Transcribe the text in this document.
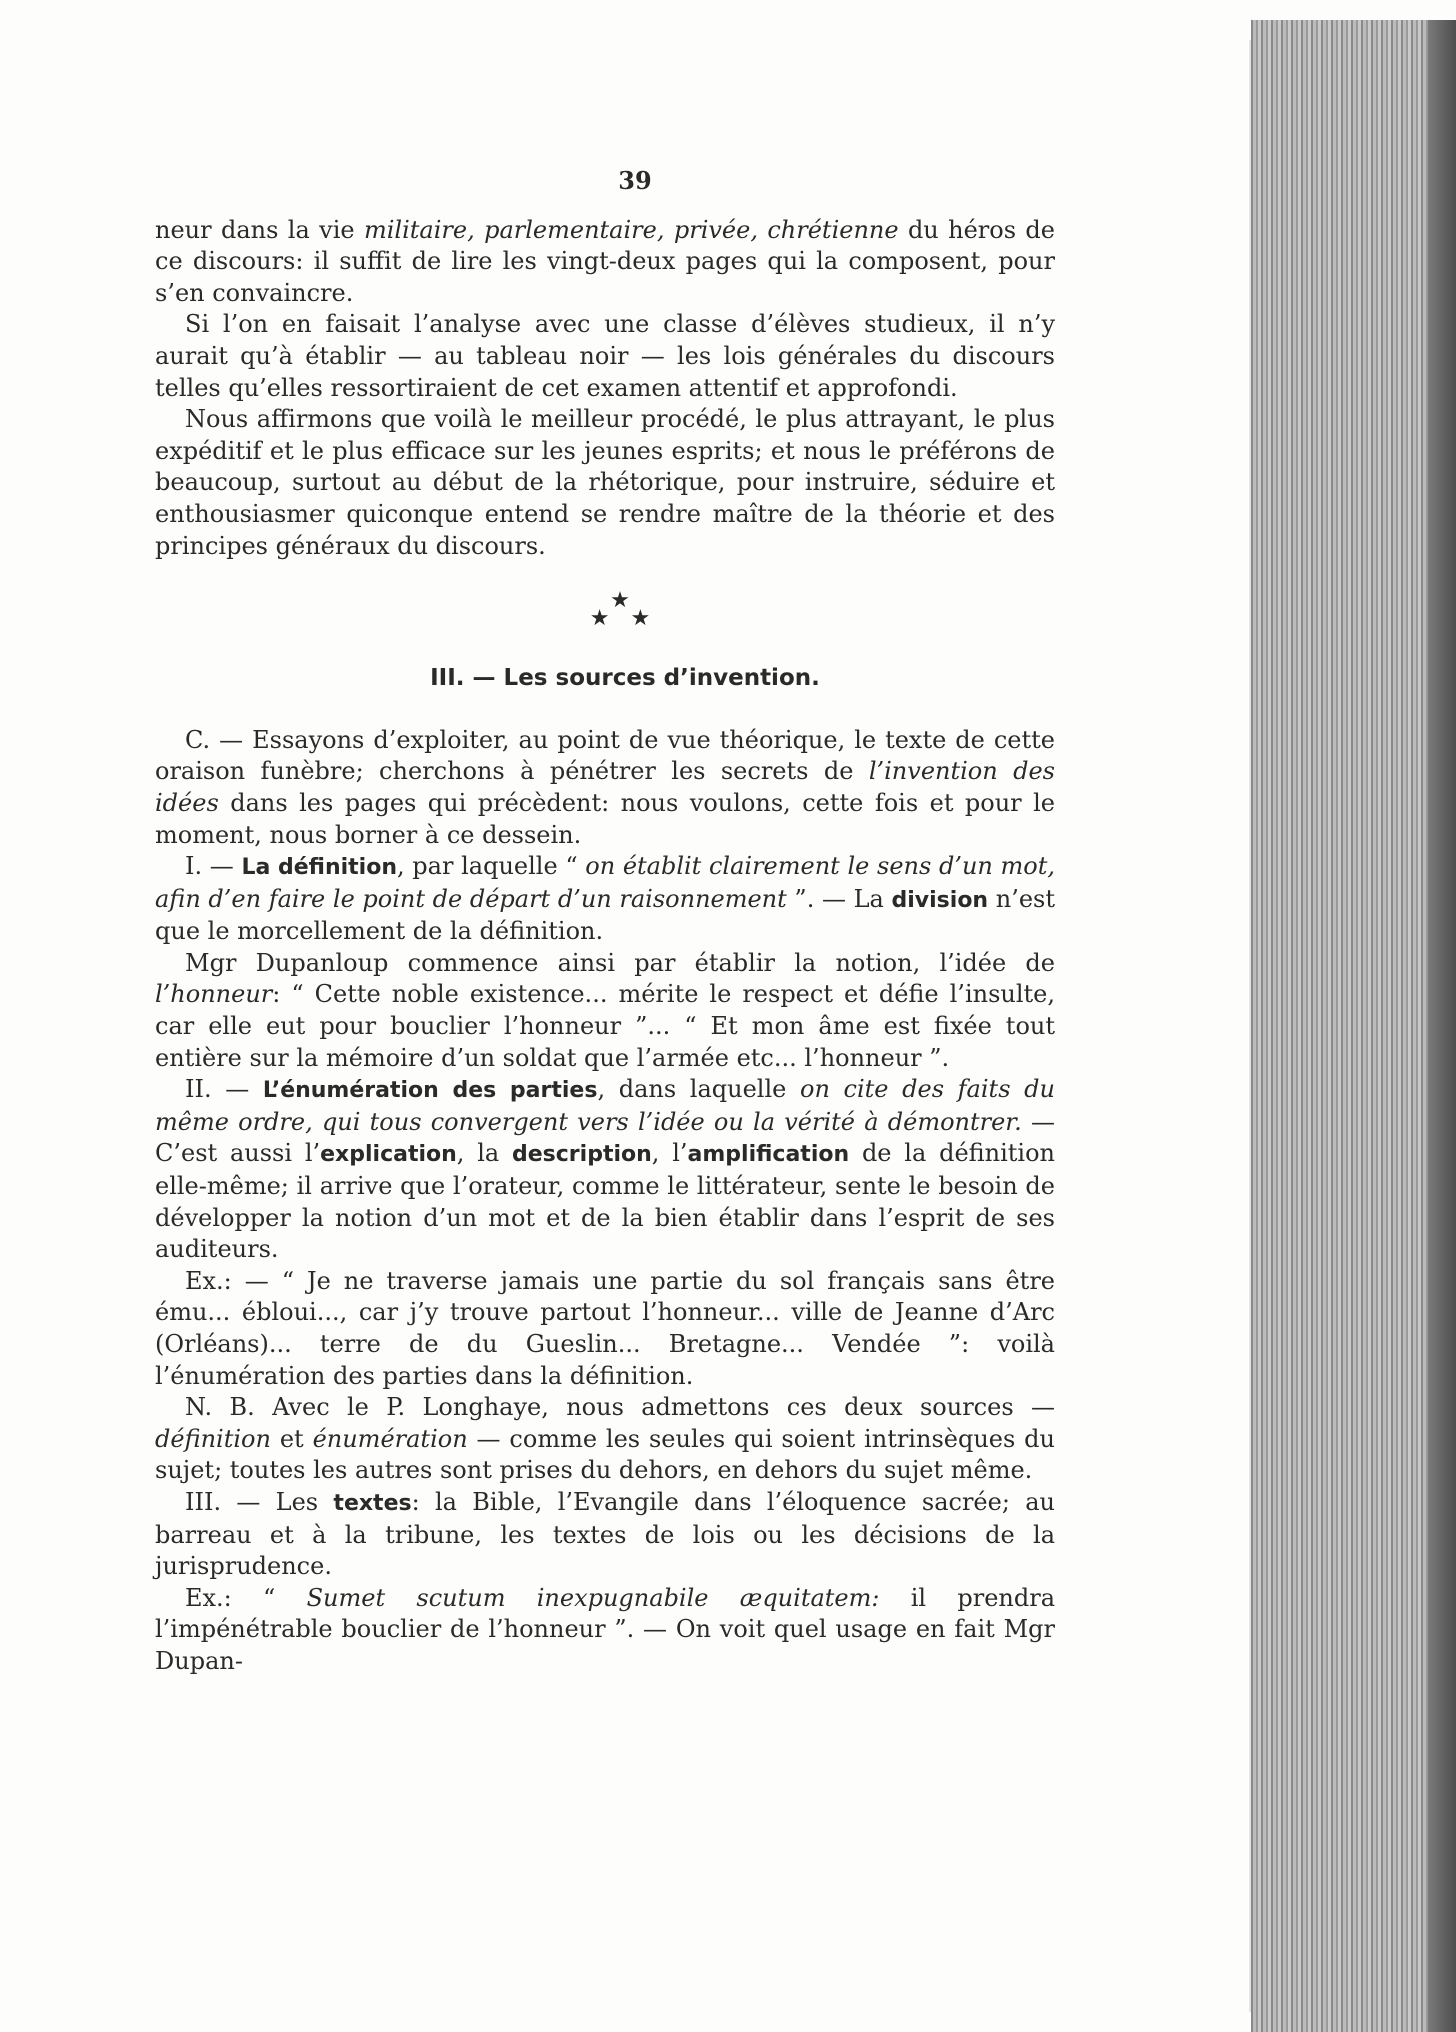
39

neur dans la vie militaire, parlementaire, privée, chrétienne du héros de ce discours: il suffit de lire les vingt-deux pages qui la composent, pour s’en convaincre.

Si l’on en faisait l’analyse avec une classe d’élèves studieux, il n’y aurait qu’à établir — au tableau noir — les lois générales du discours telles qu’elles ressortiraient de cet examen attentif et approfondi.

Nous affirmons que voilà le meilleur procédé, le plus attrayant, le plus expéditif et le plus efficace sur les jeunes esprits; et nous le préférons de beaucoup, surtout au début de la rhétorique, pour instruire, séduire et enthousiasmer quiconque entend se rendre maître de la théorie et des principes généraux du discours.

★
★   ★
III. — Les sources d’invention.

C. — Essayons d’exploiter, au point de vue théorique, le texte de cette oraison funèbre; cherchons à pénétrer les secrets de l’invention des idées dans les pages qui précèdent: nous voulons, cette fois et pour le moment, nous borner à ce dessein.

I. — La définition, par laquelle “ on établit clairement le sens d’un mot, afin d’en faire le point de départ d’un raisonnement ”. — La division n’est que le morcellement de la définition.

Mgr Dupanloup commence ainsi par établir la notion, l’idée de l’honneur: “ Cette noble existence... mérite le respect et défie l’insulte, car elle eut pour bouclier l’honneur ”... “ Et mon âme est fixée tout entière sur la mémoire d’un soldat que l’armée etc... l’honneur ”.

II. — L’énumération des parties, dans laquelle on cite des faits du même ordre, qui tous convergent vers l’idée ou la vérité à démontrer. — C’est aussi l’explication, la description, l’amplification de la définition elle-même; il arrive que l’orateur, comme le littérateur, sente le besoin de développer la notion d’un mot et de la bien établir dans l’esprit de ses auditeurs.

Ex.: — “ Je ne traverse jamais une partie du sol français sans être ému... ébloui..., car j’y trouve partout l’honneur... ville de Jeanne d’Arc (Orléans)... terre de du Gueslin... Bretagne... Vendée ”: voilà l’énumération des parties dans la définition.

N. B. Avec le P. Longhaye, nous admettons ces deux sources — définition et énumération — comme les seules qui soient intrinsèques du sujet; toutes les autres sont prises du dehors, en dehors du sujet même.

III. — Les textes: la Bible, l’Evangile dans l’éloquence sacrée; au barreau et à la tribune, les textes de lois ou les décisions de la jurisprudence.

Ex.: “ Sumet scutum inexpugnabile æquitatem: il prendra l’impénétrable bouclier de l’honneur ”. — On voit quel usage en fait Mgr Dupan-
